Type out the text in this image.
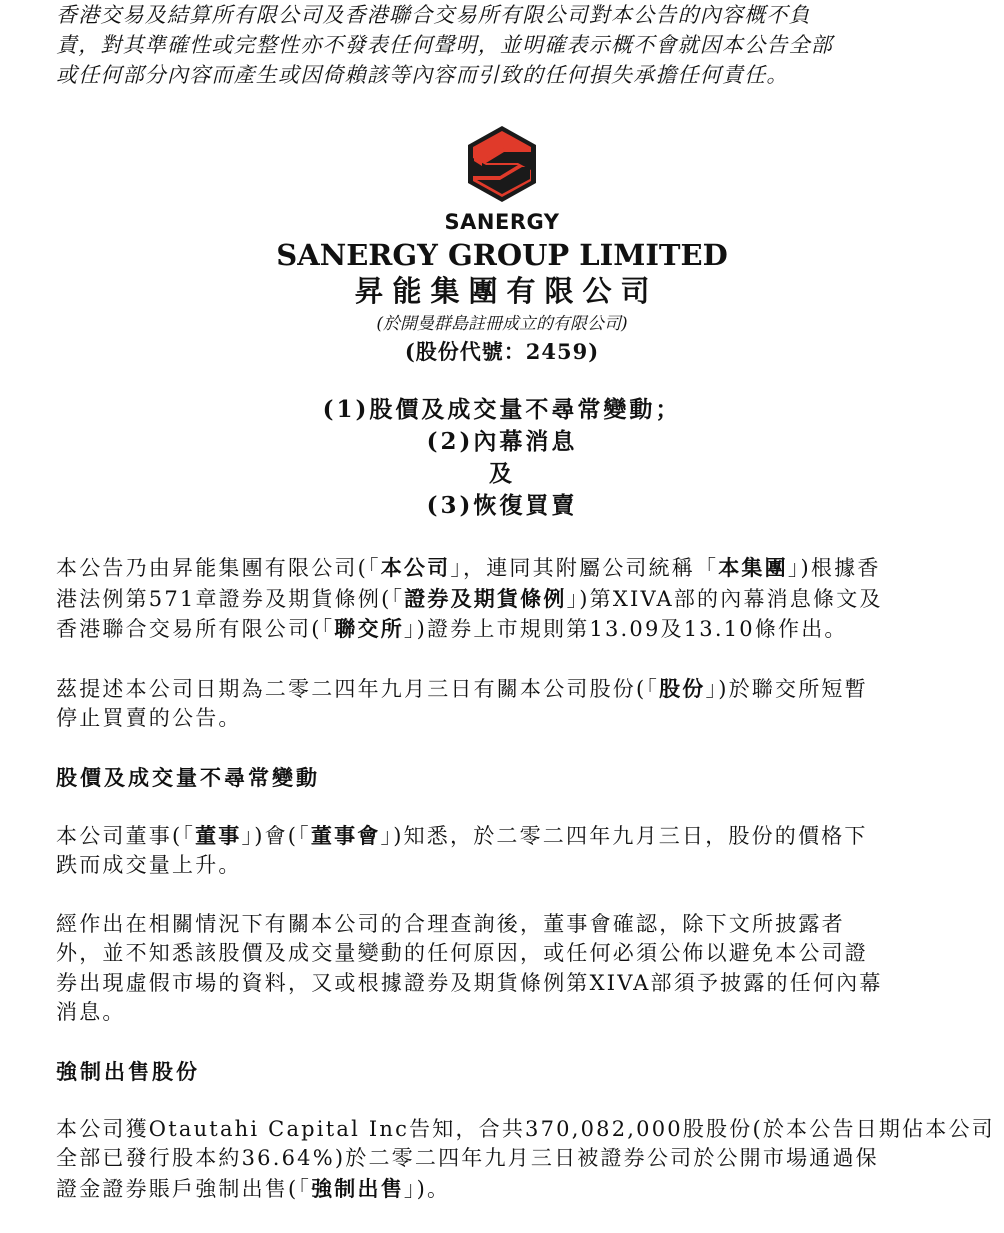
香港交易及結算所有限公司及香港聯合交易所有限公司對本公告的內容概不負

責，對其準確性或完整性亦不發表任何聲明，並明確表示概不會就因本公告全部

或任何部分內容而產生或因倚賴該等內容而引致的任何損失承擔任何責任。

SANERGY
SANERGY GROUP LIMITED
昇能集團有限公司
(於開曼群島註冊成立的有限公司)
(股份代號：2459)
(1)股價及成交量不尋常變動；
(2)內幕消息
及
(3)恢復買賣

本公告乃由昇能集團有限公司(「本公司」，連同其附屬公司統稱「本集團」)根據香

港法例第571章證券及期貨條例(「證券及期貨條例」)第XIVA部的內幕消息條文及

香港聯合交易所有限公司(「聯交所」)證券上市規則第13.09及13.10條作出。

茲提述本公司日期為二零二四年九月三日有關本公司股份(「股份」)於聯交所短暫

停止買賣的公告。

股價及成交量不尋常變動

本公司董事(「董事」)會(「董事會」)知悉，於二零二四年九月三日，股份的價格下

跌而成交量上升。

經作出在相關情況下有關本公司的合理查詢後，董事會確認，除下文所披露者

外，並不知悉該股價及成交量變動的任何原因，或任何必須公佈以避免本公司證

券出現虛假市場的資料，又或根據證券及期貨條例第XIVA部須予披露的任何內幕

消息。

強制出售股份

本公司獲Otautahi Capital Inc告知，合共370,082,000股股份(於本公告日期佔本公司

全部已發行股本約36.64%)於二零二四年九月三日被證券公司於公開市場通過保

證金證券賬戶強制出售(「強制出售」)。
